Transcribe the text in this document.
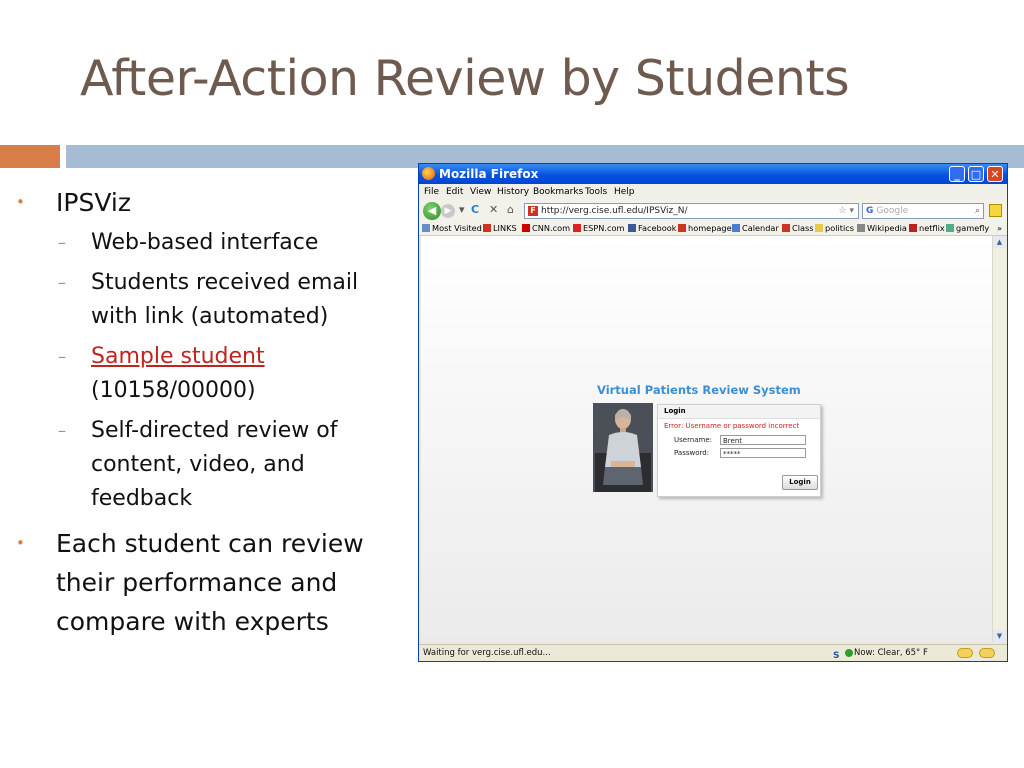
After-Action Review by Students
• IPSViz
– Web-based interface
– Students received email with link (automated)
– Sample student
(10158/00000)
– Self-directed review of content, video, and feedback
• Each student can review their performance and compare with experts
Mozilla Firefox	_	□ ✕
File Edit View History Bookmarks Tools Help
◀ ▶ ▾ C ✕ ⌂	F http://verg.cise.ufl.edu/IPSViz_N/	☆ ▾	G Google	⌕
Most Visited LINKS CNN.com ESPN.com Facebook homepage Calendar Class politics Wikipedia netflix gamefly »
Virtual Patients Review System
Login
Error: Username or password incorrect
Username:	Brent
Password:	*****
Login
▲
▼
Waiting for verg.cise.ufl.edu...	S Now: Clear, 65° F
